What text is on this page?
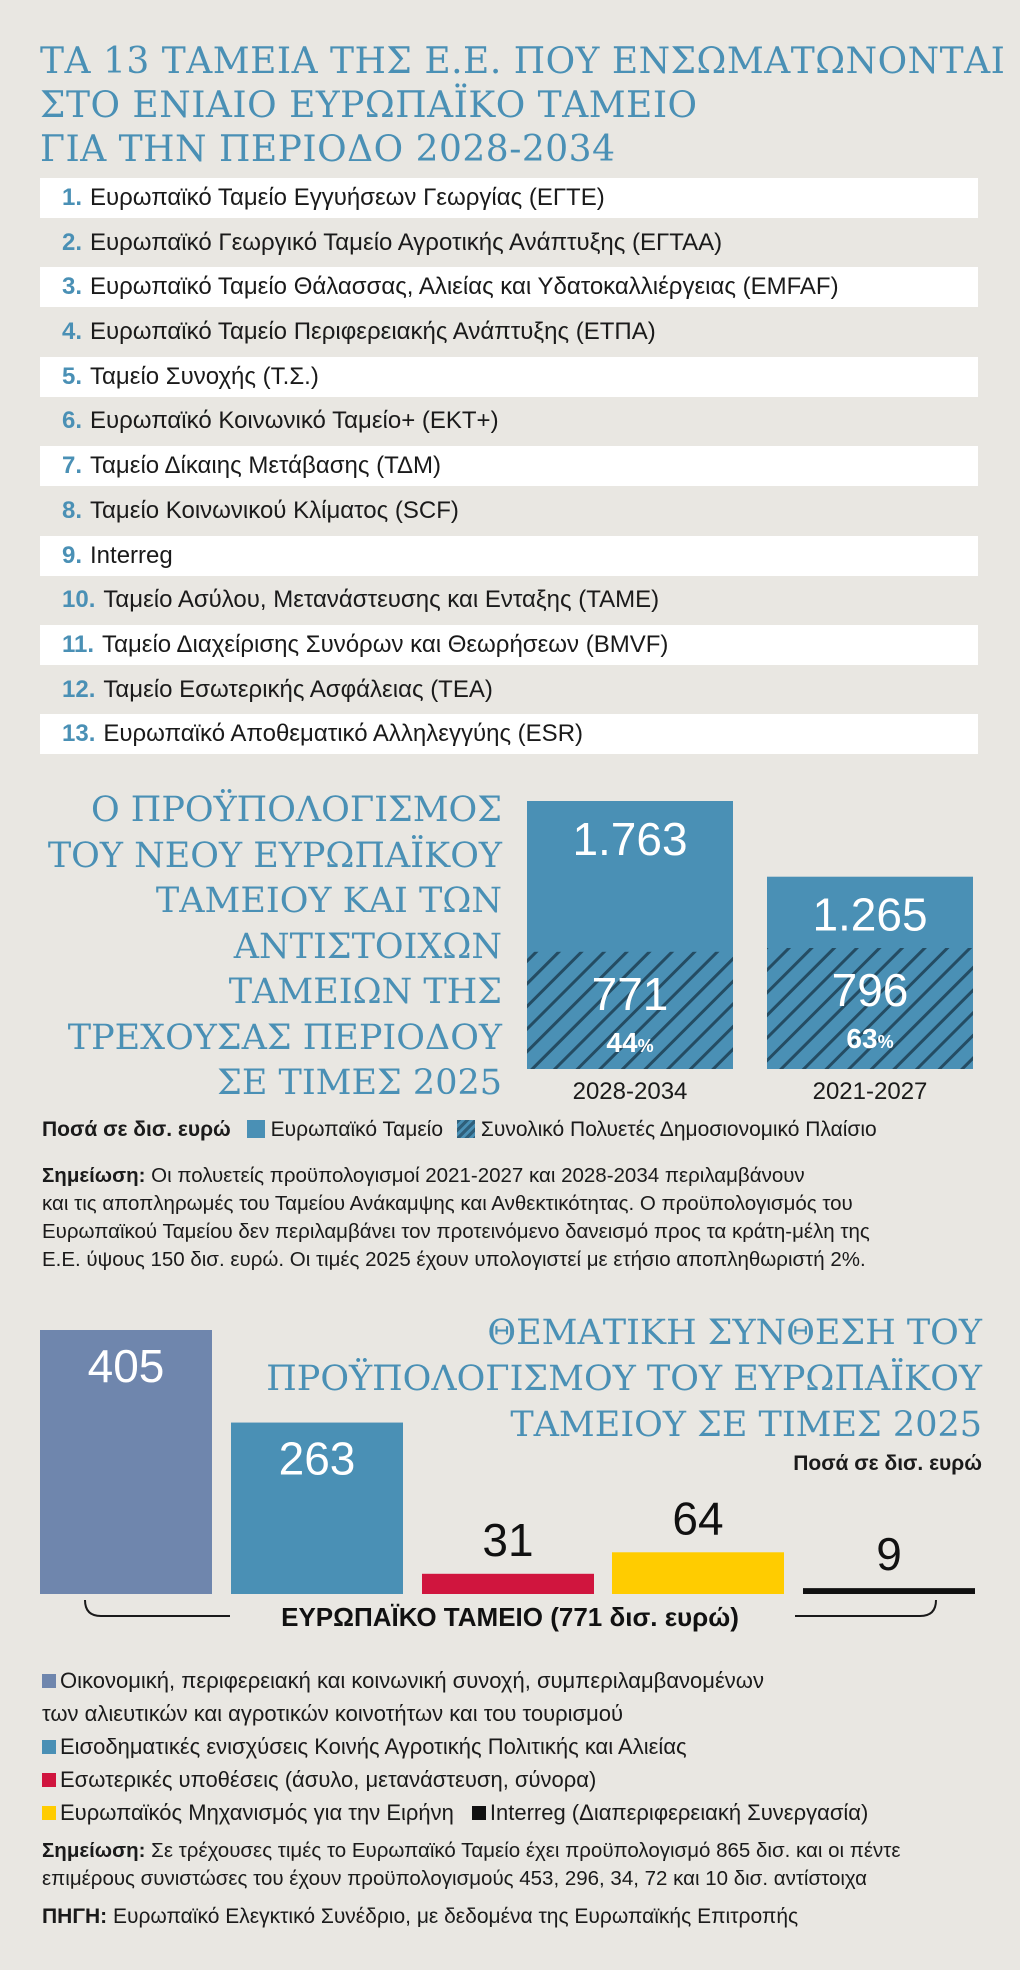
ΤΑ 13 ΤΑΜΕΙΑ ΤΗΣ Ε.Ε. ΠΟΥ ΕΝΣΩΜΑΤΩΝΟΝΤΑΙ
ΣΤΟ ΕΝΙΑΙΟ ΕΥΡΩΠΑΪΚΟ ΤΑΜΕΙΟ
ΓΙΑ ΤΗΝ ΠΕΡΙΟΔΟ 2028-2034
1. Ευρωπαϊκό Ταμείο Εγγυήσεων Γεωργίας (ΕΓΤΕ)
2. Ευρωπαϊκό Γεωργικό Ταμείο Αγροτικής Ανάπτυξης (ΕΓΤΑΑ)
3. Ευρωπαϊκό Ταμείο Θάλασσας, Αλιείας και Υδατοκαλλιέργειας (EMFAF)
4. Ευρωπαϊκό Ταμείο Περιφερειακής Ανάπτυξης (ΕΤΠΑ)
5. Ταμείο Συνοχής (Τ.Σ.)
6. Ευρωπαϊκό Κοινωνικό Ταμείο+ (ΕΚΤ+)
7. Ταμείο Δίκαιης Μετάβασης (ΤΔΜ)
8. Ταμείο Κοινωνικού Κλίματος (SCF)
9. Interreg
10. Ταμείο Ασύλου, Μετανάστευσης και Ενταξης (ΤΑΜΕ)
11. Ταμείο Διαχείρισης Συνόρων και Θεωρήσεων (BMVF)
12. Ταμείο Εσωτερικής Ασφάλειας (ΤΕΑ)
13. Ευρωπαϊκό Αποθεματικό Αλληλεγγύης (ESR)
Ο ΠΡΟΫΠΟΛΟΓΙΣΜΟΣ
ΤΟΥ ΝΕΟΥ ΕΥΡΩΠΑΪΚΟΥ
ΤΑΜΕΙΟΥ ΚΑΙ ΤΩΝ
ΑΝΤΙΣΤΟΙΧΩΝ
ΤΑΜΕΙΩΝ ΤΗΣ
ΤΡΕΧΟΥΣΑΣ ΠΕΡΙΟΔΟΥ
ΣΕ ΤΙΜΕΣ 2025
1.763
771
44%
2028-2034
1.265
796
63%
2021-2027
Ποσά σε δισ. ευρώ Ευρωπαϊκό Ταμείο Συνολικό Πολυετές Δημοσιονομικό Πλαίσιο
Σημείωση: Οι πολυετείς προϋπολογισμοί 2021-2027 και 2028-2034 περιλαμβάνουν
και τις αποπληρωμές του Ταμείου Ανάκαμψης και Ανθεκτικότητας. Ο προϋπολογισμός του
Ευρωπαϊκού Ταμείου δεν περιλαμβάνει τον προτεινόμενο δανεισμό προς τα κράτη-μέλη της
Ε.Ε. ύψους 150 δισ. ευρώ. Οι τιμές 2025 έχουν υπολογιστεί με ετήσιο αποπληθωριστή 2%.
ΘΕΜΑΤΙΚΗ ΣΥΝΘΕΣΗ ΤΟΥ
ΠΡΟΫΠΟΛΟΓΙΣΜΟΥ ΤΟΥ ΕΥΡΩΠΑΪΚΟΥ
ΤΑΜΕΙΟΥ ΣΕ ΤΙΜΕΣ 2025
Ποσά σε δισ. ευρώ
405
263
31	64
9
ΕΥΡΩΠΑΪΚΟ ΤΑΜΕΙΟ (771 δισ. ευρώ)
Οικονομική, περιφερειακή και κοινωνική συνοχή, συμπεριλαμβανομένων
των αλιευτικών και αγροτικών κοινοτήτων και του τουρισμού
Εισοδηματικές ενισχύσεις Κοινής Αγροτικής Πολιτικής και Αλιείας
Εσωτερικές υποθέσεις (άσυλο, μετανάστευση, σύνορα)
Ευρωπαϊκός Μηχανισμός για την Ειρήνη Interreg (Διαπεριφερειακή Συνεργασία)
Σημείωση: Σε τρέχουσες τιμές το Ευρωπαϊκό Ταμείο έχει προϋπολογισμό 865 δισ. και οι πέντε
επιμέρους συνιστώσες του έχουν προϋπολογισμούς 453, 296, 34, 72 και 10 δισ. αντίστοιχα
ΠΗΓΗ: Ευρωπαϊκό Ελεγκτικό Συνέδριο, με δεδομένα της Ευρωπαϊκής Επιτροπής
